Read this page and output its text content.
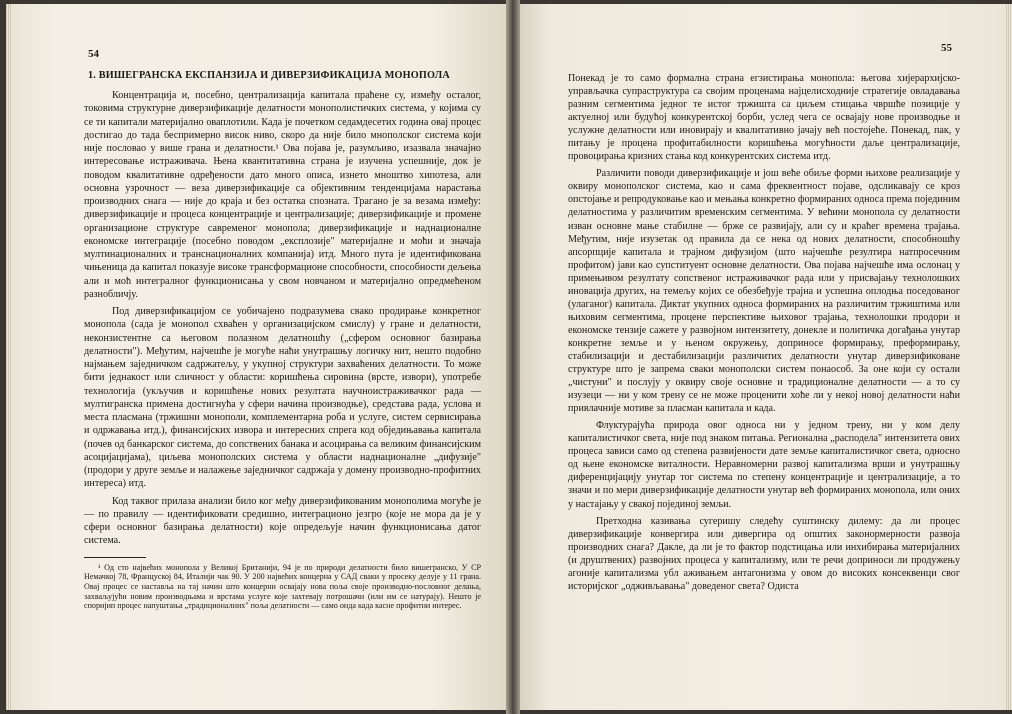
54

1. ВИШЕГРАНСКА ЕКСПАНЗИЈА И ДИВЕРЗИФИКАЦИЈА МОНОПОЛА

Концентрација и, посебно, централизација капитала праћене су, између осталог, токовима структурне диверзификације делатности монополистичких система, у којима су се ти капитали материјално оваплотили. Када је почетком седамдесетих година овај процес достигао до тада беспримерно висок ниво, скоро да није било мнополског система који није пословао у више грана и делатности.¹ Ова појава је, разумљиво, изазвала значајно интересовање истраживача. Њена квантитативна страна је изучена успешније, док је поводом квалитативне одређености дато много описа, изнето мноштво хипотеза, али основна узрочност — веза диверзификације са објективним тенденцијама нарастања производних снага — није до краја и без остатка спозната. Трагано је за везама између: диверзификације и процеса концентрације и централизације; диверзификације и промене организационе структуре савременог монопола; диверзификације и наднационалне економске интеграције (посебно поводом „експлозије" материјалне и моћи и значаја мултинационалних и транснационалних компанија) итд. Много пута је идентификована чињеница да капитал показује високе трансформационе способности, способности дељења али и моћ интегралног функционисања у свом новчаном и материјално опредмећеном разнобличју.

Под диверзификацијом се уобичајено подразумева свако продирање конкретног монопола (сада је монопол схваћен у организацијском смислу) у гране и делатности, неконзистентне са његовом полазном делатношћу („сфером основног базирања делатности"). Међутим, најчешће је могуће наћи унутрашњу логичку нит, нешто подобно најмањем заједничком садржатељу, у укупној структури захваћених делатности. То може бити једнакост или сличност у области: коришћења сировина (врсте, извори), употребе технологија (укључив и коришћење нових резултата научноистраживачког рада — мултигранска примена достигнућа у сфери начина производње), средстава рада, услова и места пласмана (тржишни монополи, комплементарна роба и услуге, систем сервисирања и одржавања итд.), финансијских извора и интересних спрега код обједињавања капитала (почев од банкарског система, до сопствених банака и асоцирања са великим финансијским асоцијацијама), циљева монополских система у области наднационалне „дифузије" (продори у друге земље и налажење заједничког садржаја у домену производно-профитних интереса) итд.

Код таквог прилаза анализи било ког међу диверзификованим монополима могуће је — по правилу — идентификовати средишно, интеграционо језгро (које не мора да је у сфери основног базирања делатности) које опредељује начин функционисања датог система.

¹ Од сто највећих монопола у Великој Британији, 94 је по природи делатности било вишегранско, У СР Немачкој 78, Француској 84, Италији чак 90. У 200 највећих концерна у САД сваки у просеку делује у 11 грана. Овај процес се наставља на тај начин што концерни освајају нова поља своје производно-пословног делања, захваљујући новим производњама и врстама услуге које захтевају потрошачи (или им се натурају). Нешто је споријип процес напуштања „традиционалних" поља делатности — само онда када касне профитни интерес.

55

Понекад је то само формална страна егзистирања монопола: његова хијерархијско-управљачка супраструктура са својим проценама најцелисходније стратегије овладавања разним сегментима једног те истог тржишта са циљем стицања чвршће позиције у актуелној или будућој конкурентској борби, услед чега се освајају нове производње и услужне делатности или иновирају и квалитативно јачају већ постојеће. Понекад, пак, у питању је процена профитабилности коришћења могућности даље централизације, провоцирања кризних стања код конкурентских система итд.

Различити поводи диверзификације и још веће обиље форми њихове реализације у оквиру монополског система, као и сама фреквентност појаве, одсликавају се кроз опстојање и репродуковање као и мењања конкретно формираних односа према појединим делатностима у различитим временским сегментима. У већини монопола су делатности изван основне мање стабилне — брже се развијају, али су и краћег времена трајања. Међутим, није изузетак од правила да се нека од нових делатности, способношћу апсорпције капитала и трајном дифузијом (што најчешће резултира натпросечним профитом) јави као супституент основне делатности. Ова појава најчешће има ослонац у примењивом резултату сопственог истраживачког рада или у присвајању технолошких иновација других, на темељу којих се обезбеђује трајна и успешна оплодња поседованог (улаганог) капитала. Диктат укупних односа формираних на различитим тржиштима или њиховим сегментима, проценe перспективе њиховог трајања, технолошки продори и економске тензије сажете у развојном интензитету, донекле и политичка догађања унутар конкретне земље и у њеном окружењу, доприносе формирању, преформирању, стабилизацији и дестабилизацији различитих делатности унутар диверзификоване структуре што је запрема сваки монополски систем понаособ. За оне који су остали „чистуни" и послују у оквиру своје основне и традиционалне делатности — а то су изузеци — ни у ком трену се не може проценити хоће ли у некој новој делатности наћи привлачније мотиве за пласман капитала и када.

Флуктурајућа природа овог односа ни у једном трену, ни у ком делу капиталистичког света, није под знаком питања. Регионална „расподела" интензитета ових процеса зависи само од степена развијености дате земље капиталистичког света, односно од њене економске виталности. Неравномерни развој капитализма врши и унутрашњу диференцијацију унутар тог система по степену концентрације и централизације, а то значи и по мери диверзификације делатности унутар већ формираних монопола, или оних у настајању у свакој појединој земљи.

Претходна казивања сугеришу следећу суштинску дилему: да ли процес диверзификације конвергира или дивергира од општих законормерности развоја производних снага? Дакле, да ли је то фактор подстицања или инхибирања материјалних (и друштвених) развојних процеса у капитализму, или те речи доприноси ли продужењу агоније капитализма убл аживањем антагонизма у овом до високих консеквенци свог историјског „одживљавања" доведеног света? Одиста
